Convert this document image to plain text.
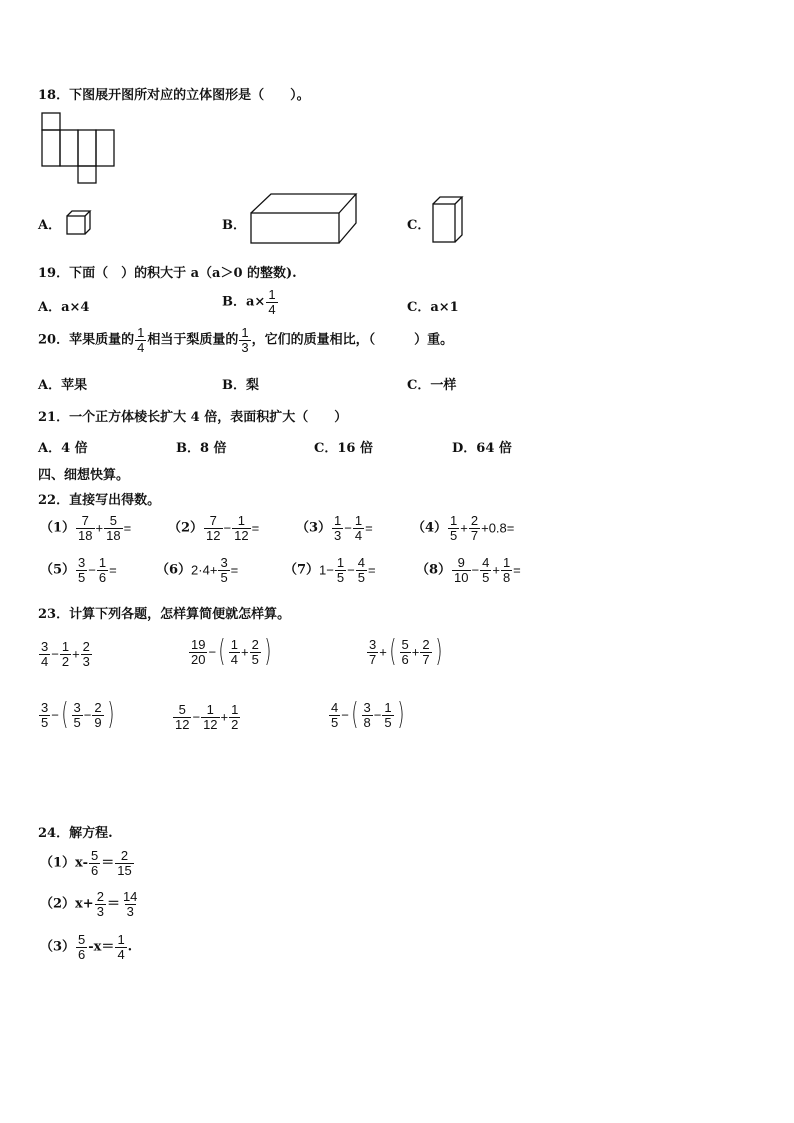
18．下图展开图所对应的立体图形是（　　）。
A．	B．	C．
19．下面（　）的积大于 a（a＞0 的整数).
A．a×4	B．$a\times \frac{1}{4}$	C．a×1
20．苹果质量的 $\frac{1}{4}$ 相当于梨质量的 $\frac{1}{3}$ ，它们的质量相比，（　　　）重。
A．苹果	B．梨	C．一样
21．一个正方体棱长扩大 4 倍，表面积扩大（　　）
A．4 倍	B．8 倍	C．16 倍	D．64 倍
四、细想快算。
22．直接写出得数。
$(1) \frac{7}{18} + \frac{5}{18}$ =	$(2) \frac{7}{12} - \frac{1}{12}$ =	$(3) \frac{1}{3} - \frac{1}{4}$ =	$(4) \frac{1}{5} + \frac{2}{7} +0.8=$
$(5) \frac{3}{5} - \frac{1}{6}$ =	$(6)2\cdot 4+ \frac{3}{5}$ =	$(7)1- \frac{1}{5} - \frac{4}{5}$ =	$(8) \frac{9}{10} - \frac{4}{5} + \frac{1}{8}$ =
23．计算下列各题，怎样算简便就怎样算。
$\frac{3}{4} - \frac{1}{2} + \frac{2}{3}$	$\frac{19}{20}$ −( $\frac{1}{4} + \frac{2}{5}$ )	$\frac{3}{7}$ +( $\frac{5}{6} + \frac{2}{7}$ )
$\frac{3}{5}$ −( $\frac{3}{5} - \frac{2}{9}$ )	$\frac{5}{12} - \frac{1}{12} + \frac{1}{2}$	$\frac{4}{5}$ −( $\frac{3}{8} - \frac{1}{5}$ )
24．解方程.
$(1)x- \frac{5}{6} = \frac{2}{15}$
$(2)x+ \frac{2}{3} = \frac{14}{3}$
$(3) \frac{5}{6} -x= \frac{1}{4}$ .
